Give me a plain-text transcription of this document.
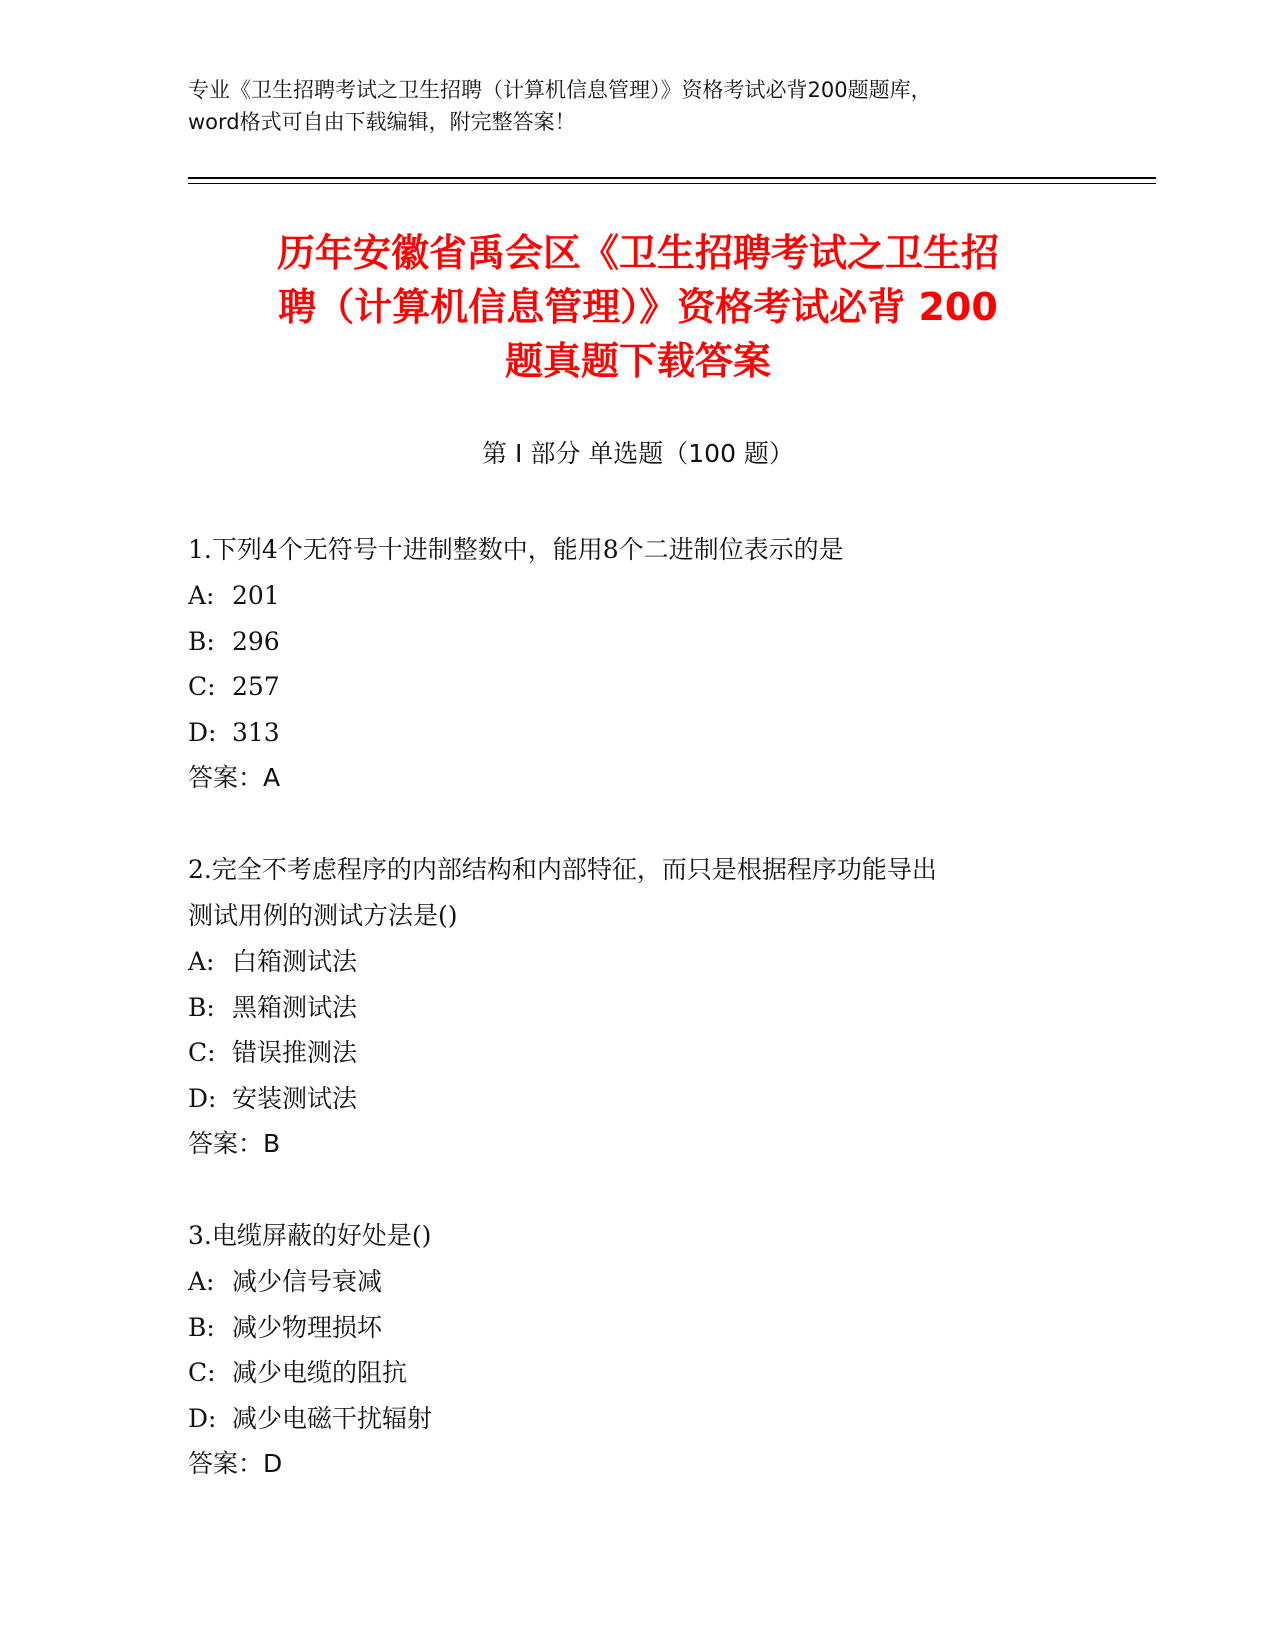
专业《卫生招聘考试之卫生招聘（计算机信息管理）》资格考试必背200题题库，
word格式可自由下载编辑，附完整答案！
历年安徽省禹会区《卫生招聘考试之卫生招
聘（计算机信息管理）》资格考试必背 200
题真题下载答案
第 I 部分 单选题（100 题）
1.下列4个无符号十进制整数中，能用8个二进制位表示的是
A: 201
B: 296
C: 257
D: 313
答案：A
2.完全不考虑程序的内部结构和内部特征，而只是根据程序功能导出
测试用例的测试方法是()
A: 白箱测试法
B: 黑箱测试法
C: 错误推测法
D: 安装测试法
答案：B
3.电缆屏蔽的好处是()
A: 减少信号衰减
B: 减少物理损坏
C: 减少电缆的阻抗
D: 减少电磁干扰辐射
答案：D
